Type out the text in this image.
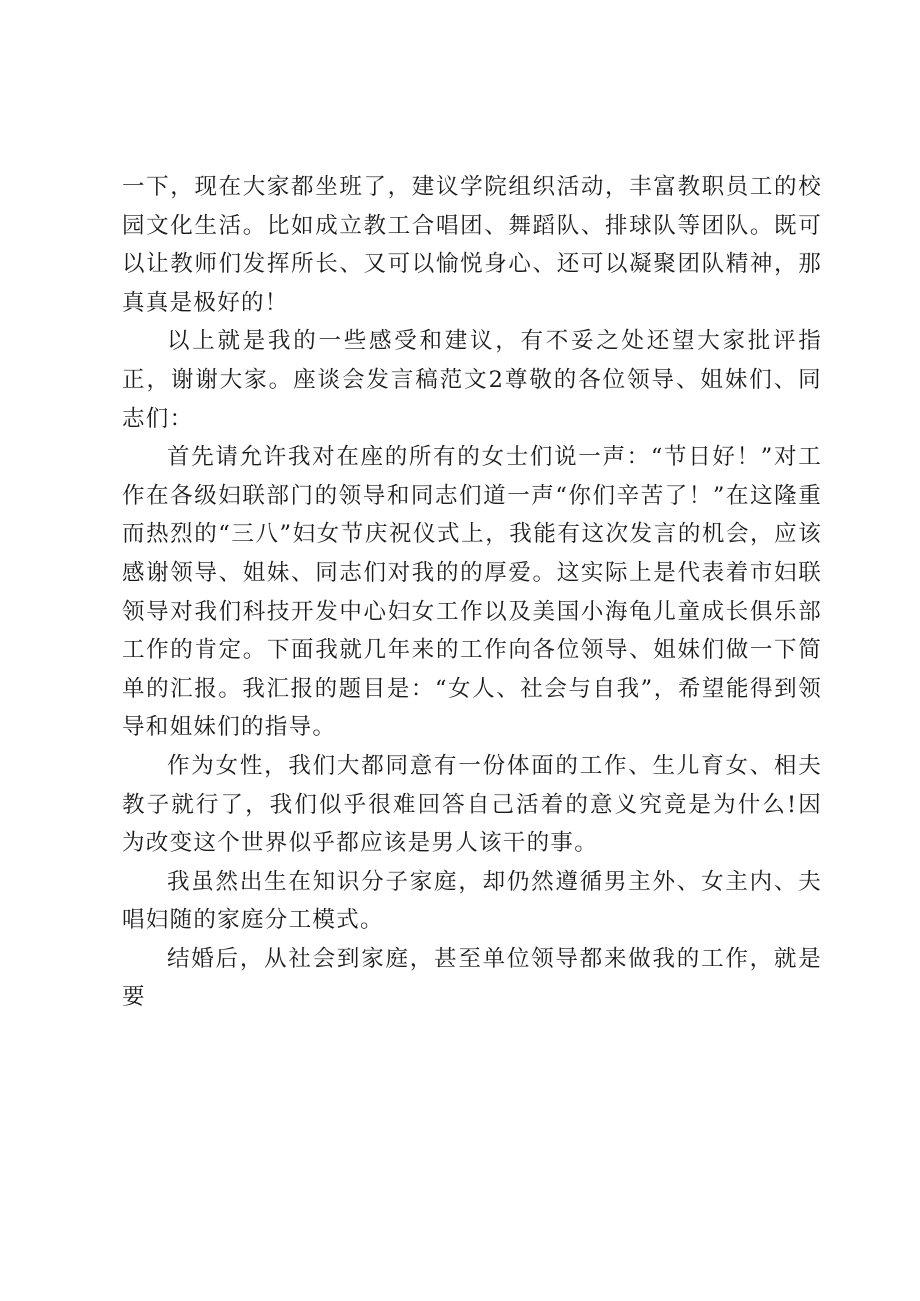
一下，现在大家都坐班了，建议学院组织活动，丰富教职员工的校园文化生活。比如成立教工合唱团、舞蹈队、排球队等团队。既可以让教师们发挥所长、又可以愉悦身心、还可以凝聚团队精神，那真真是极好的！

以上就是我的一些感受和建议，有不妥之处还望大家批评指正，谢谢大家。座谈会发言稿范文2尊敬的各位领导、姐妹们、同志们：

首先请允许我对在座的所有的女士们说一声：“节日好！”对工作在各级妇联部门的领导和同志们道一声“你们辛苦了！”在这隆重而热烈的“三八”妇女节庆祝仪式上，我能有这次发言的机会，应该感谢领导、姐妹、同志们对我的的厚爱。这实际上是代表着市妇联领导对我们科技开发中心妇女工作以及美国小海龟儿童成长俱乐部工作的肯定。下面我就几年来的工作向各位领导、姐妹们做一下简单的汇报。我汇报的题目是：“女人、社会与自我”，希望能得到领导和姐妹们的指导。

作为女性，我们大都同意有一份体面的工作、生儿育女、相夫教子就行了，我们似乎很难回答自己活着的意义究竟是为什么!因为改变这个世界似乎都应该是男人该干的事。

我虽然出生在知识分子家庭，却仍然遵循男主外、女主内、夫唱妇随的家庭分工模式。

结婚后，从社会到家庭，甚至单位领导都来做我的工作，就是要
